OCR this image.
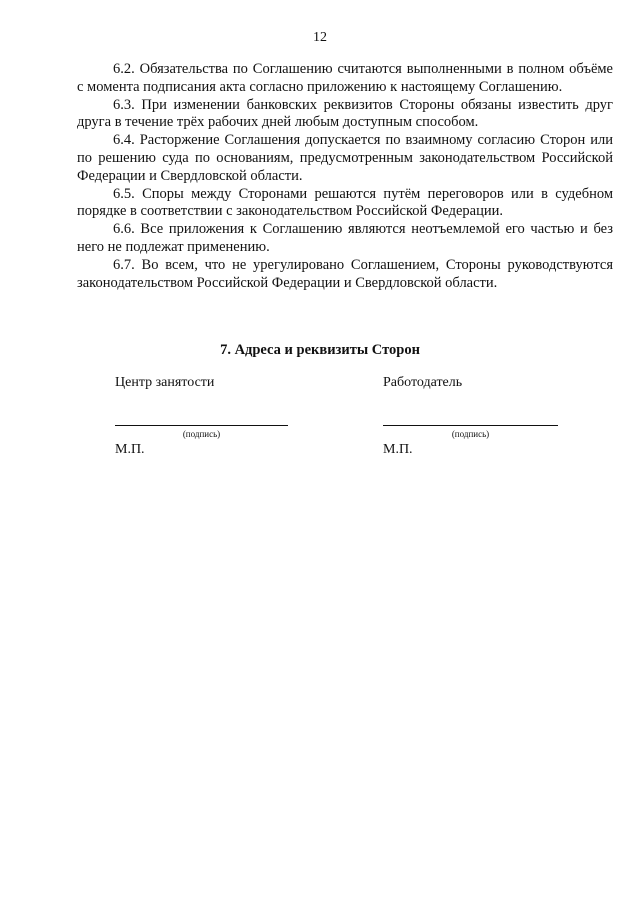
12

6.2. Обязательства по Соглашению считаются выполненными в полном объёме с момента подписания акта согласно приложению к настоящему Соглашению.

6.3. При изменении банковских реквизитов Стороны обязаны известить друг друга в течение трёх рабочих дней любым доступным способом.

6.4. Расторжение Соглашения допускается по взаимному согласию Сторон или по решению суда по основаниям, предусмотренным законодательством Российской Федерации и Свердловской области.

6.5. Споры между Сторонами решаются путём переговоров или в судебном порядке в соответствии с законодательством Российской Федерации.

6.6. Все приложения к Соглашению являются неотъемлемой его частью и без него не подлежат применению.

6.7. Во всем, что не урегулировано Соглашением, Стороны руководствуются законодательством Российской Федерации и Свердловской области.

7. Адреса и реквизиты Сторон
Центр занятости	Работодатель
(подпись)	(подпись)
М.П.	М.П.
